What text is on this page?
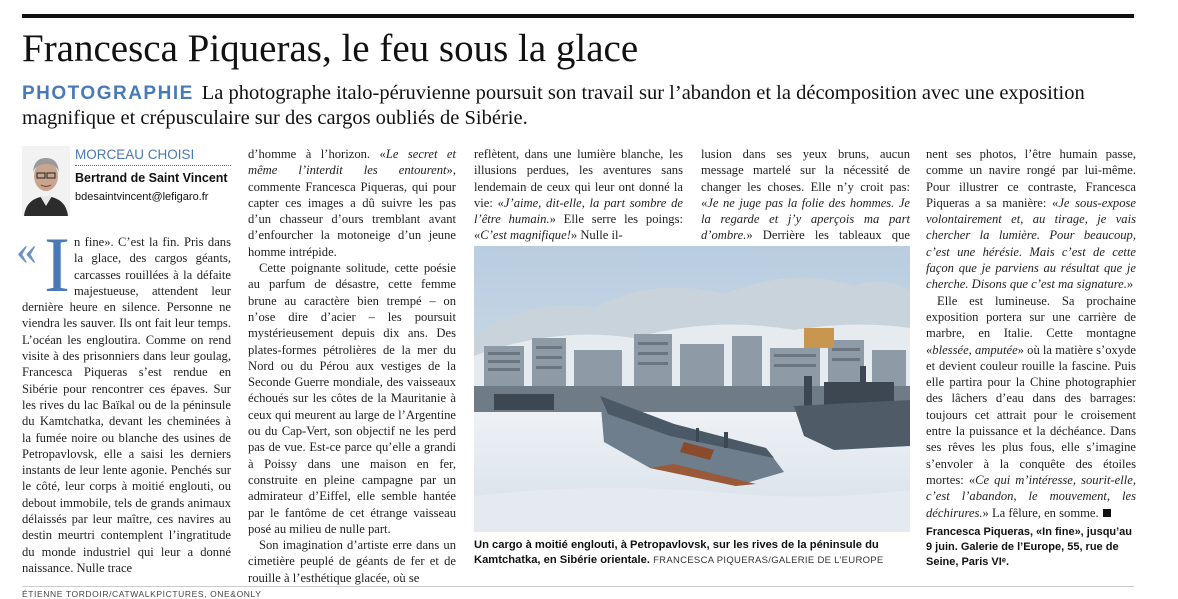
Francesca Piqueras, le feu sous la glace

PHOTOGRAPHIE La photographe italo-péruvienne poursuit son travail sur l’abandon et la décomposition avec une exposition magnifique et crépusculaire sur des cargos oubliés de Sibérie.

MORCEAU CHOISI
Bertrand de Saint Vincent
bdesaintvincent@lefigaro.fr
« I n fine». C’est la fin. Pris dans la glace, des cargos géants, carcasses rouillées à la défaite majestueuse, attendent leur dernière heure en silence. Personne ne viendra les sauver. Ils ont fait leur temps. L’océan les engloutira. Comme on rend visite à des prisonniers dans leur goulag, Francesca Piqueras s’est rendue en Sibérie pour rencontrer ces épaves. Sur les rives du lac Baïkal ou de la péninsule du Kamtchatka, devant les cheminées à la fumée noire ou blanche des usines de Petropavlovsk, elle a saisi les derniers instants de leur lente agonie. Penchés sur le côté, leur corps à moitié englouti, ou debout immobile, tels de grands animaux délaissés par leur maître, ces navires au destin meurtri contemplent l’ingratitude du monde industriel qui leur a donné naissance. Nulle trace

d’homme à l’horizon. «Le secret et même l’interdit les entourent», commente Francesca Piqueras, qui pour capter ces images a dû suivre les pas d’un chasseur d’ours tremblant avant d’enfourcher la motoneige d’un jeune homme intrépide.

Cette poignante solitude, cette poésie au parfum de désastre, cette femme brune au caractère bien trempé – on n’ose dire d’acier – les poursuit mystérieusement depuis dix ans. Des plates-formes pétrolières de la mer du Nord ou du Pérou aux vestiges de la Seconde Guerre mondiale, des vaisseaux échoués sur les côtes de la Mauritanie à ceux qui meurent au large de l’Argentine ou du Cap-Vert, son objectif ne les perd pas de vue. Est-ce parce qu’elle a grandi à Poissy dans une maison en fer, construite en pleine campagne par un admirateur d’Eiffel, elle semble hantée par le fantôme de cet étrange vaisseau posé au milieu de nulle part.

Son imagination d’artiste erre dans un cimetière peuplé de géants de fer et de rouille à l’esthétique glacée, où se

reflètent, dans une lumière blanche, les illusions perdues, les aventures sans lendemain de ceux qui leur ont donné la vie: «J’aime, dit-elle, la part sombre de l’être humain.» Elle serre les poings: «C’est magnifique!» Nulle il-

lusion dans ses yeux bruns, aucun message martelé sur la nécessité de changer les choses. Elle n’y croit pas: «Je ne juge pas la folie des hommes. Je la regarde et j’y aperçois ma part d’ombre.» Derrière les tableaux que

Un cargo à moitié englouti, à Petropavlovsk, sur les rives de la péninsule du Kamtchatka, en Sibérie orientale. FRANCESCA PIQUERAS/GALERIE DE L’EUROPE

nent ses photos, l’être humain passe, comme un navire rongé par lui-même. Pour illustrer ce contraste, Francesca Piqueras a sa manière: «Je sous-expose volontairement et, au tirage, je vais chercher la lumière. Pour beaucoup, c’est une hérésie. Mais c’est de cette façon que je parviens au résultat que je cherche. Disons que c’est ma signature.»

Elle est lumineuse. Sa prochaine exposition portera sur une carrière de marbre, en Italie. Cette montagne «blessée, amputée» où la matière s’oxyde et devient couleur rouille la fascine. Puis elle partira pour la Chine photographier des lâchers d’eau dans des barrages: toujours cet attrait pour le croisement entre la puissance et la déchéance. Dans ses rêves les plus fous, elle s’imagine s’envoler à la conquête des étoiles mortes: «Ce qui m’intéresse, sourit-elle, c’est l’abandon, le mouvement, les déchirures.» La fêlure, en somme.

Francesca Piqueras, «In fine», jusqu’au 9 juin. Galerie de l’Europe, 55, rue de Seine, Paris VIᵉ.
ÉTIENNE TORDOIR/CATWALKPICTURES, ONE&ONLY
